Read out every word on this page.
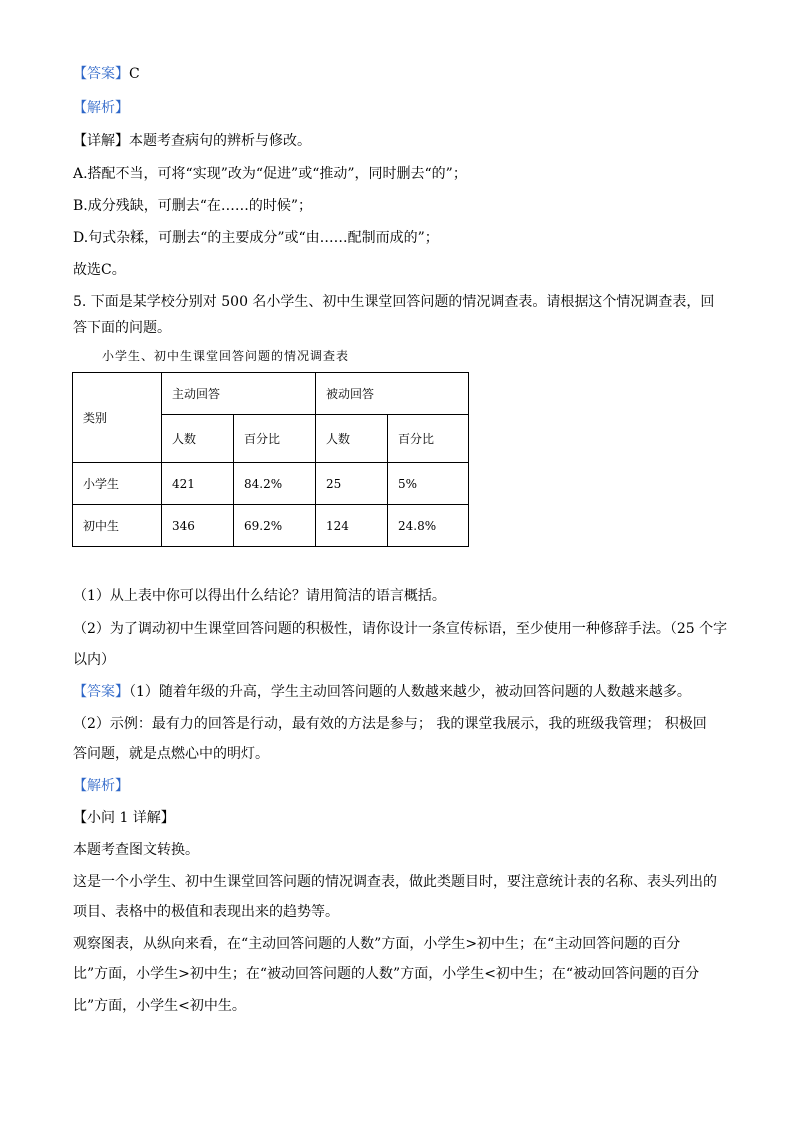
【答案】C
【解析】
【详解】本题考查病句的辨析与修改。
A.搭配不当，可将“实现”改为“促进”或“推动”，同时删去“的”；
B.成分残缺，可删去“在……的时候”；
D.句式杂糅，可删去“的主要成分”或“由……配制而成的”；
故选C。
5. 下面是某学校分别对 500 名小学生、初中生课堂回答问题的情况调查表。请根据这个情况调查表，回
答下面的问题。
小学生、初中生课堂回答问题的情况调查表
类别	主动回答		被动回答	
	人数	百分比	人数	百分比
小学生	421	84.2%	25	5%
初中生	346	69.2%	124	24.8%
（1）从上表中你可以得出什么结论？请用简洁的语言概括。
（2）为了调动初中生课堂回答问题的积极性，请你设计一条宣传标语，至少使用一种修辞手法。（25 个字
以内）
【答案】（1）随着年级的升高，学生主动回答问题的人数越来越少，被动回答问题的人数越来越多。
（2）示例：最有力的回答是行动，最有效的方法是参与； 我的课堂我展示，我的班级我管理； 积极回
答问题，就是点燃心中的明灯。
【解析】
【小问 1 详解】
本题考查图文转换。
这是一个小学生、初中生课堂回答问题的情况调查表，做此类题目时，要注意统计表的名称、表头列出的
项目、表格中的极值和表现出来的趋势等。
观察图表，从纵向来看，在“主动回答问题的人数”方面，小学生>初中生；在“主动回答问题的百分
比”方面，小学生>初中生；在“被动回答问题的人数”方面，小学生<初中生；在“被动回答问题的百分
比”方面，小学生<初中生。
